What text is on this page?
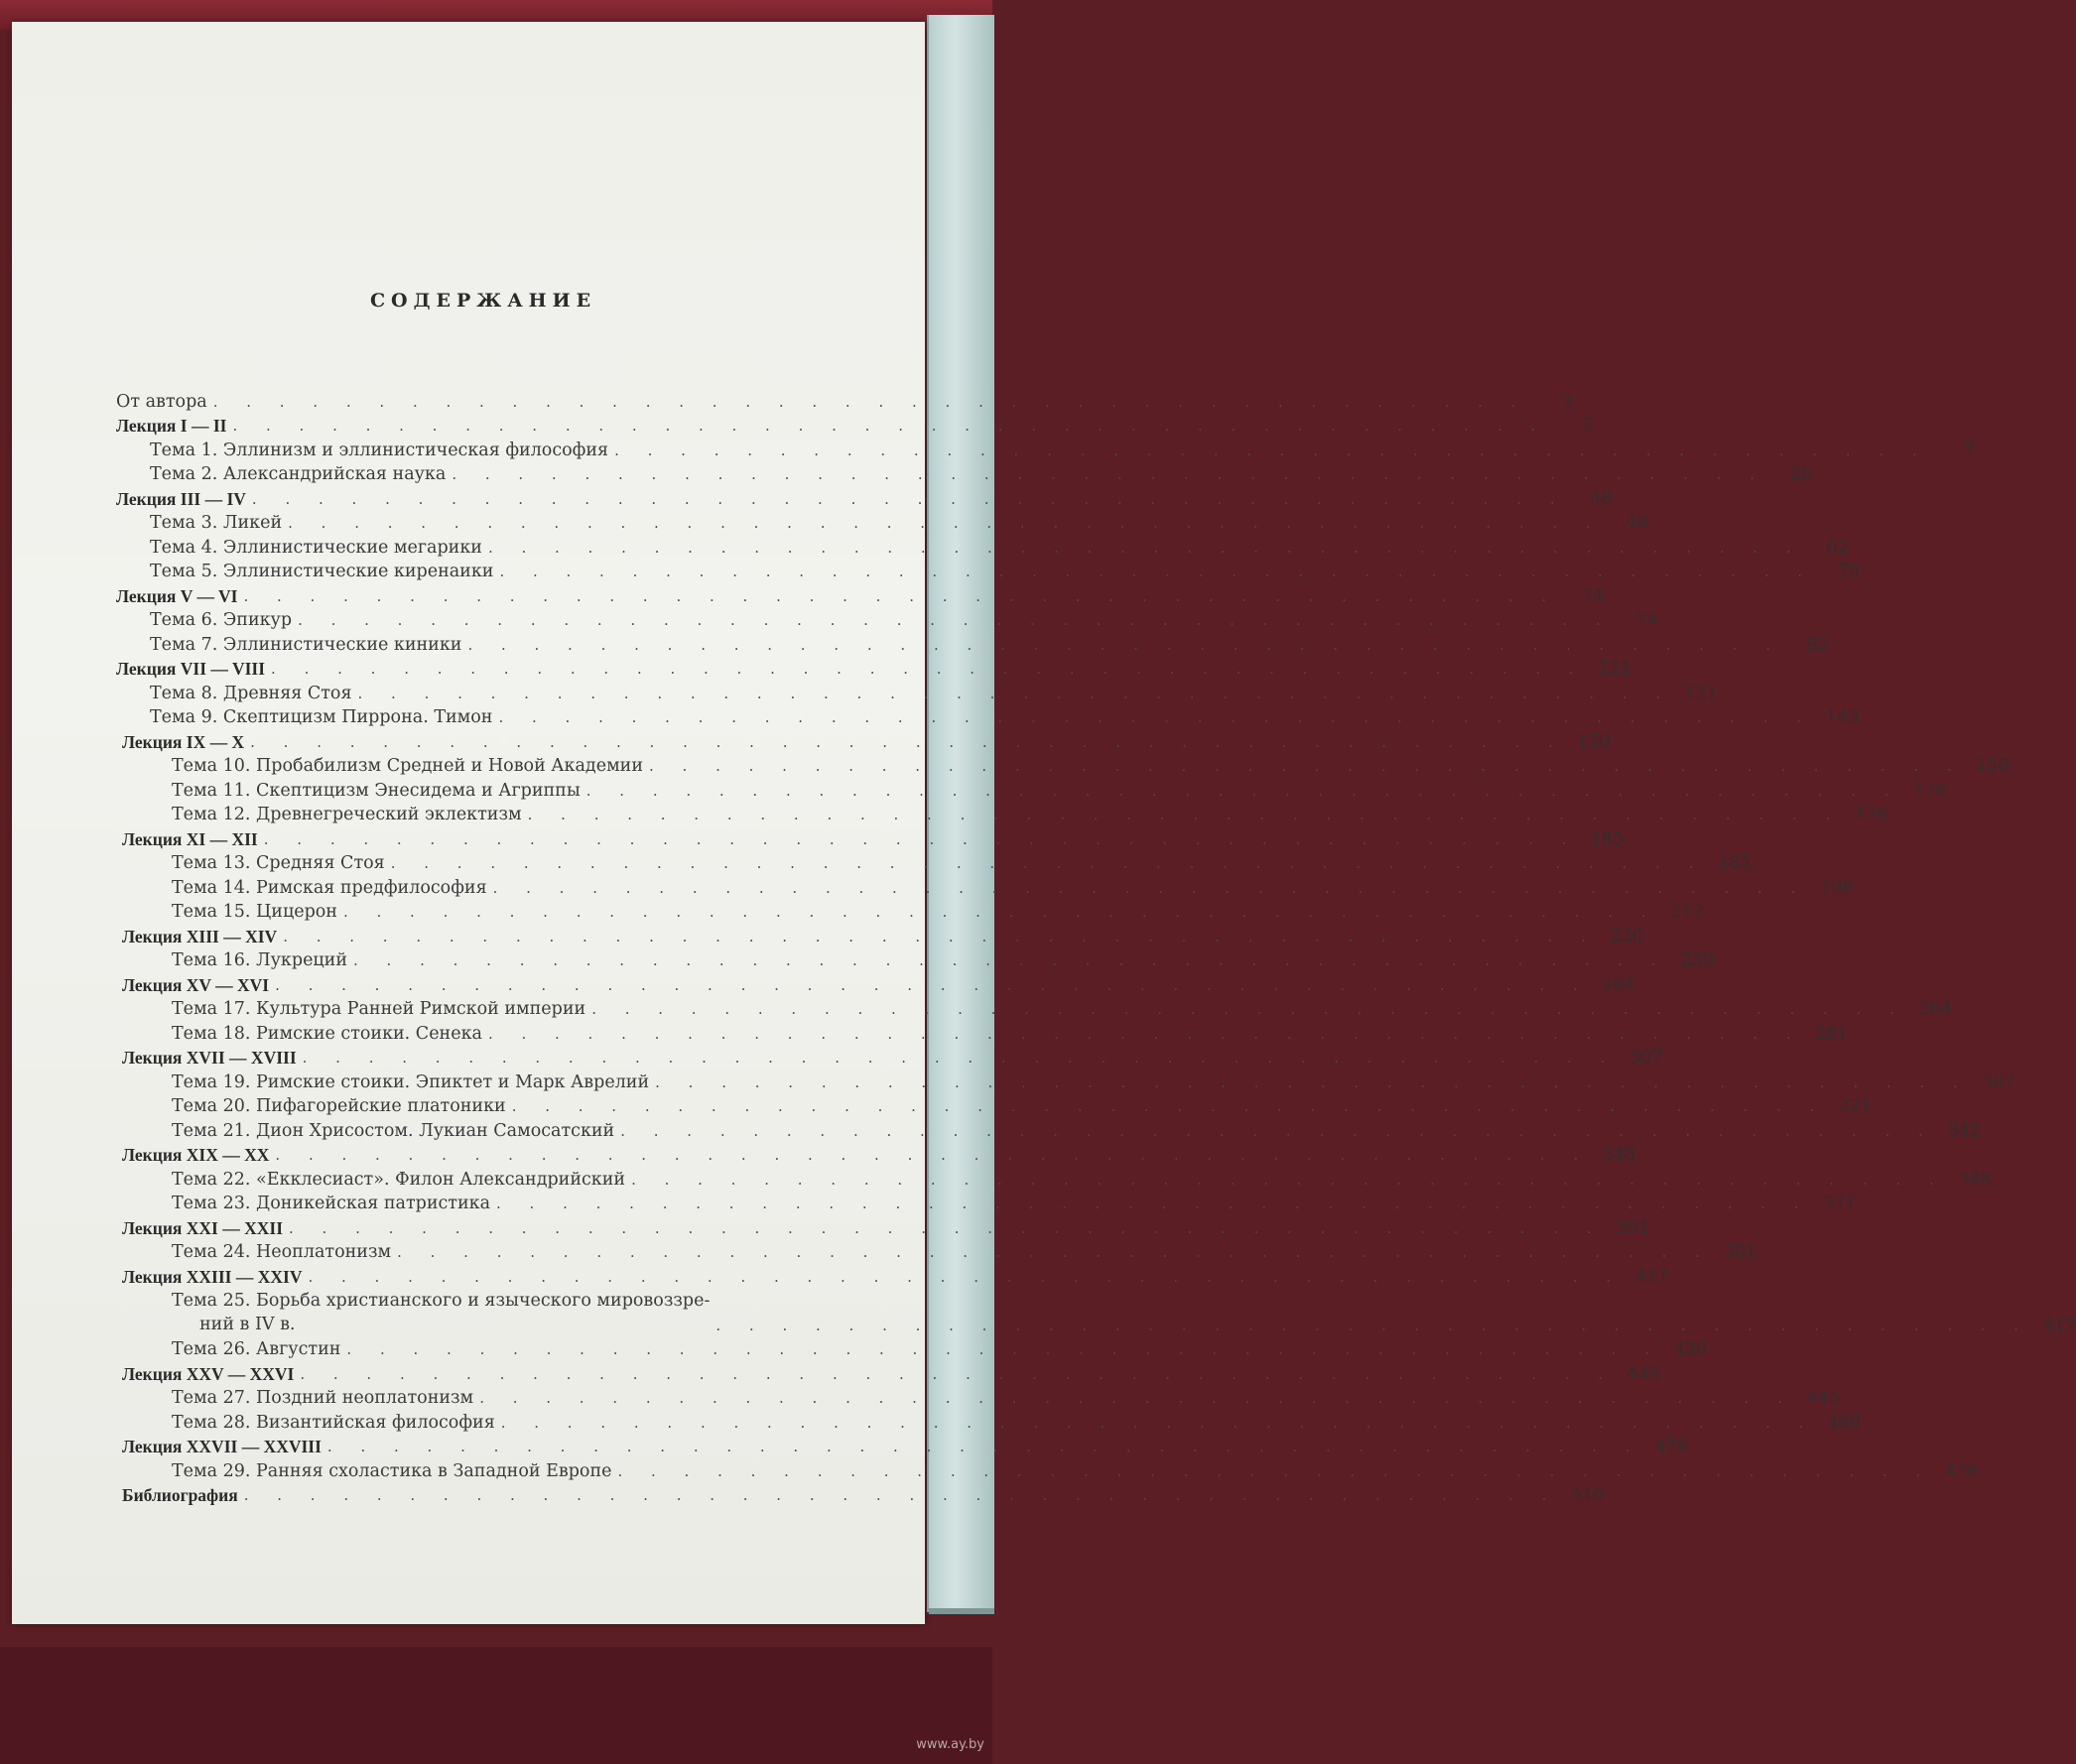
СОДЕРЖАНИЕ
От автора . . . . . . . . . . . . . . . . . . . . . . . . . . . . . . . . . . . . . . . .	3
Лекция I — II . . . . . . . . . . . . . . . . . . . . . . . . . . . . . . . . . . . . . . . .	7
Тема 1. Эллинизм и эллинистическая философия . . . . . . . . . . . . . . . . . . . . . . . . . . . . . . . . . . . . . . . .	7
Тема 2. Александрийская наука . . . . . . . . . . . . . . . . . . . . . . . . . . . . . . . . . . . . . . . .	26
Лекция III — IV . . . . . . . . . . . . . . . . . . . . . . . . . . . . . . . . . . . . . . . .	48
Тема 3. Ликей . . . . . . . . . . . . . . . . . . . . . . . . . . . . . . . . . . . . . . . .	48
Тема 4. Эллинистические мегарики . . . . . . . . . . . . . . . . . . . . . . . . . . . . . . . . . . . . . . . .	62
Тема 5. Эллинистические киренаики . . . . . . . . . . . . . . . . . . . . . . . . . . . . . . . . . . . . . . . .	70
Лекция V — VI . . . . . . . . . . . . . . . . . . . . . . . . . . . . . . . . . . . . . . . .	74
Тема 6. Эпикур . . . . . . . . . . . . . . . . . . . . . . . . . . . . . . . . . . . . . . . .	74
Тема 7. Эллинистические киники . . . . . . . . . . . . . . . . . . . . . . . . . . . . . . . . . . . . . . . .	92
Лекция VII — VIII . . . . . . . . . . . . . . . . . . . . . . . . . . . . . . . . . . . . . . . . 121
Тема 8. Древняя Стоя . . . . . . . . . . . . . . . . . . . . . . . . . . . . . . . . . . . . . . . . 121
Тема 9. Скептицизм Пиррона. Тимон . . . . . . . . . . . . . . . . . . . . . . . . . . . . . . . . . . . . . . . . 143
Лекция IX — X . . . . . . . . . . . . . . . . . . . . . . . . . . . . . . . . . . . . . . . . 150
Тема 10. Пробабилизм Средней и Новой Академии . . . . . . . . . . . . . . . . . . . . . . . . . . . . . . . . . . . . . . . . 150
Тема 11. Скептицизм Энесидема и Агриппы . . . . . . . . . . . . . . . . . . . . . . . . . . . . . . . . . . . . . . . . 170
Тема 12. Древнегреческий эклектизм . . . . . . . . . . . . . . . . . . . . . . . . . . . . . . . . . . . . . . . . 176
Лекция XI — XII . . . . . . . . . . . . . . . . . . . . . . . . . . . . . . . . . . . . . . . . 185
Тема 13. Средняя Стоя . . . . . . . . . . . . . . . . . . . . . . . . . . . . . . . . . . . . . . . . 185
Тема 14. Римская предфилософия . . . . . . . . . . . . . . . . . . . . . . . . . . . . . . . . . . . . . . . . 198
Тема 15. Цицерон . . . . . . . . . . . . . . . . . . . . . . . . . . . . . . . . . . . . . . . . 212
Лекция XIII — XIV . . . . . . . . . . . . . . . . . . . . . . . . . . . . . . . . . . . . . . . . 230
Тема 16. Лукреций . . . . . . . . . . . . . . . . . . . . . . . . . . . . . . . . . . . . . . . . 230
Лекция XV — XVI . . . . . . . . . . . . . . . . . . . . . . . . . . . . . . . . . . . . . . . . 264
Тема 17. Культура Ранней Римской империи . . . . . . . . . . . . . . . . . . . . . . . . . . . . . . . . . . . . . . . . 264
Тема 18. Римские стоики. Сенека . . . . . . . . . . . . . . . . . . . . . . . . . . . . . . . . . . . . . . . . 281
Лекция XVII — XVIII . . . . . . . . . . . . . . . . . . . . . . . . . . . . . . . . . . . . . . . . 307
Тема 19. Римские стоики. Эпиктет и Марк Аврелий . . . . . . . . . . . . . . . . . . . . . . . . . . . . . . . . . . . . . . . . 307
Тема 20. Пифагорейские платоники . . . . . . . . . . . . . . . . . . . . . . . . . . . . . . . . . . . . . . . . 321
Тема 21. Дион Хрисостом. Лукиан Самосатский . . . . . . . . . . . . . . . . . . . . . . . . . . . . . . . . . . . . . . . . 342
Лекция XIX — XX . . . . . . . . . . . . . . . . . . . . . . . . . . . . . . . . . . . . . . . . 348
Тема 22. «Екклесиаст». Филон Александрийский . . . . . . . . . . . . . . . . . . . . . . . . . . . . . . . . . . . . . . . . 348
Тема 23. Доникейская патристика . . . . . . . . . . . . . . . . . . . . . . . . . . . . . . . . . . . . . . . . 371
Лекция XXI — XXII . . . . . . . . . . . . . . . . . . . . . . . . . . . . . . . . . . . . . . . . 391
Тема 24. Неоплатонизм . . . . . . . . . . . . . . . . . . . . . . . . . . . . . . . . . . . . . . . . 391
Лекция XXIII — XXIV . . . . . . . . . . . . . . . . . . . . . . . . . . . . . . . . . . . . . . . . 417
Тема 25. Борьба христианского и языческого мировоззре-
ний в IV в.	. . . . . . . . . . . . . . . . . . . . . . . . . . . . . . . . . . . . . . . . 417
Тема 26. Августин . . . . . . . . . . . . . . . . . . . . . . . . . . . . . . . . . . . . . . . . 430
Лекция XXV — XXVI . . . . . . . . . . . . . . . . . . . . . . . . . . . . . . . . . . . . . . . . 445
Тема 27. Поздний неоплатонизм . . . . . . . . . . . . . . . . . . . . . . . . . . . . . . . . . . . . . . . . 445
Тема 28. Византийская философия . . . . . . . . . . . . . . . . . . . . . . . . . . . . . . . . . . . . . . . . 460
Лекция XXVII — XXVIII . . . . . . . . . . . . . . . . . . . . . . . . . . . . . . . . . . . . . . . . 476
Тема 29. Ранняя схоластика в Западной Европе . . . . . . . . . . . . . . . . . . . . . . . . . . . . . . . . . . . . . . . . 476
Библиография . . . . . . . . . . . . . . . . . . . . . . . . . . . . . . . . . . . . . . . . 510
www.ay.by
